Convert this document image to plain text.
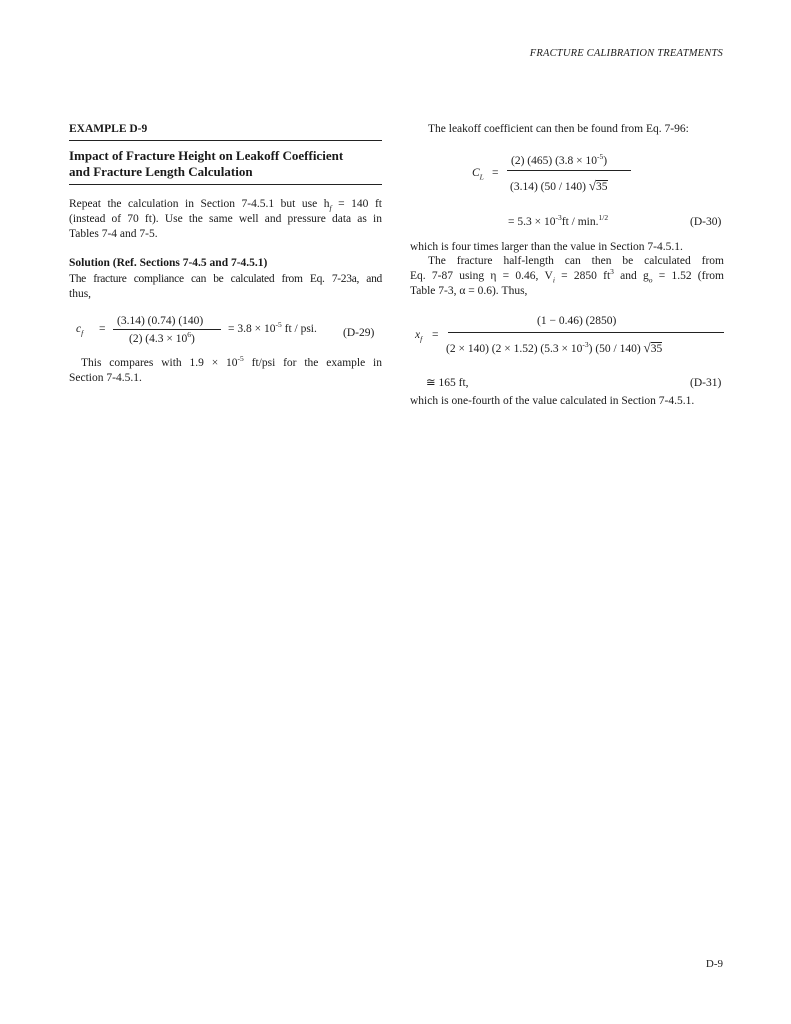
FRACTURE CALIBRATION TREATMENTS
EXAMPLE D-9
Impact of Fracture Height on Leakoff Coefficient
and Fracture Length Calculation
Repeat the calculation in Section 7-4.5.1 but use $h_f = 140$ ft
(instead of 70 ft). Use the same well and pressure data as in
Tables 7-4 and 7-5.
Solution (Ref. Sections 7-4.5 and 7-4.5.1)
The fracture compliance can be calculated from Eq. 7-23a, and
thus,
$c_f$ =
(3.14) (0.74) (140)
(2) $(4.3 \times 10^6)$
= $3.8 \times 10^{-5}$ ft / psi. (D-29)
This compares with $1.9 \times 10^{-5}$ ft/psi for the example in
Section 7-4.5.1.
The leakoff coefficient can then be found from Eq. 7-96:
$C_L$ =
(2) (465) $(3.8 \times 10^{-5})$
(3.14) (50 / 140) √35
= $5.3 \times 10^{-3}ft / \min.^{1/2}$	(D-30)
which is four times larger than the value in Section 7-4.5.1.
The fracture half-length can then be calculated from
Eq. 7-87 using η = 0.46, $V_i = 2850$ $ft^3$ and $g_o = 1.52$ (from
Table 7-3, α = 0.6). Thus,
$x_f$ =
(1 − 0.46) (2850)
(2 × 140) (2 × 1.52) $(5.3 \times 10^{-3})$ (50 / 140) √35
≅ 165 ft,	(D-31)
which is one-fourth of the value calculated in Section 7-4.5.1.
D-9
